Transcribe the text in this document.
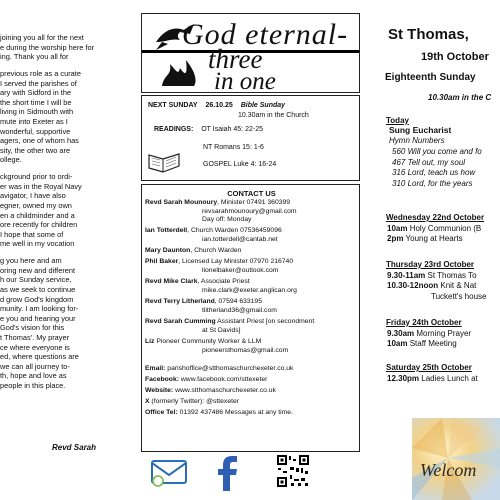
joining you all for the next
e during the worship here for
ing. Thank you all for
previous role as a curate
I served the parishes of
ary with Sidford in the
the short time I will be
living in Sidmouth with
mute into Exeter as I
wonderful, supportive
agers, one of whom has
sity, the other two are
ollege.
ckground prior to ordi-
er was in the Royal Navy
avigator, I have also
egner, owned my own
en a childminder and a
ore recently for children
I hope that some of
me well in my vocation
g you here and am
oring new and different
h our Sunday service,
as we seek to continue
d grow God's kingdom
munity. I am looking for-
e you and hearing your
God's vision for this
t Thomas'. My prayer
ce where everyone is
ed, where questions are
we can all journey to-
th, hope and love as
people in this place.
Revd Sarah
God eternal-
three
in one
NEXT SUNDAY 26.10.25 Bible Sunday
10.30am in the Church
READINGS: OT Isaiah 45: 22-25
NT Romans 15: 1-6
GOSPEL Luke 4: 16-24
CONTACT US
Revd Sarah Mounoury, Minister 07491 360399
revsarahmounoury@gmail.com
Day off: Monday
Ian Totterdell, Church Warden 07536459096
ian.totterdell@cantab.net
Mary Daunton, Church Warden
Phil Baker, Licensed Lay Minister 07970 216740
lionelbaker@outlook.com
Revd Mike Clark, Associate Priest
mike.clark@exeter.anglican.org
Revd Terry Litherland, 07594 633195
tlitherland36@gmail.com
Revd Sarah Cumming Assistant Priest [on secondment
at St Davids]
Liz Pioneer Community Worker & LLM
pioneersthomas@gmail.com
Email: parishoffice@stthomaschurchexeter.co.uk
Facebook: www.facebook.com/sttexeter
Website: www.stthomaschurchexeter.co.uk
X (formerly Twitter): @sttexeter
Office Tel: 01392 437486 Messages at any time.
St Thomas,
19th October
Eighteenth Sunday
10.30am in the C
Today
Sung Eucharist
Hymn Numbers
560 Will you come and fo
467 Tell out, my soul
316 Lord, teach us how
310 Lord, for the years
Wednesday 22nd October
10am Holy Communion (B
2pm Young at Hearts
Thursday 23rd October
9.30-11am St Thomas To
10.30-12noon Knit & Nat
Tuckett's house
Friday 24th October
9.30am Morning Prayer
10am Staff Meeting
Saturday 25th October
12.30pm Ladies Lunch at
Welcom
